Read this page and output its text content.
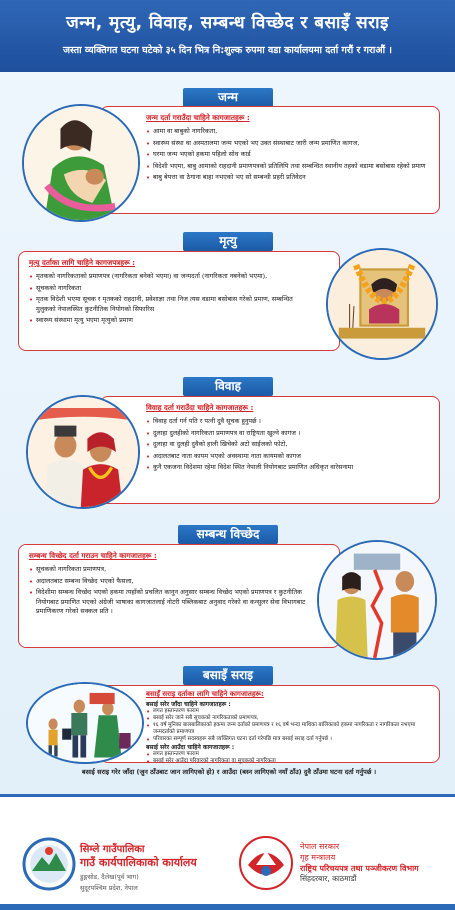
जन्म, मृत्यु, विवाह, सम्बन्ध विच्छेद र बसाइँ सराइ
जस्ता व्यक्तिगत घटना घटेको ३५ दिन भित्र नि:शुल्क रुपमा वडा कार्यालयमा दर्ता गरौं र गराऔं ।
जन्म
जन्म दर्ता गराउँदा चाहिने कागजातहरू :
• आमा वा बाबुको नागरिकता,
• स्वास्थ्य संस्था वा अस्पतालमा जन्म भएको भए उक्त संस्थाबाट जारी जन्म प्रमाणित कागज,
• घरमा जन्म भएको हकमा पहिलो सोध कार्ड
• विदेशी भएमा, बाबु आमाको राहदानी प्रमाणपत्रको प्रतिलिपि तथा सम्बन्धित स्थानीय तहको वडामा बसोबास रहेको प्रमाण
• बाबु बेपत्ता वा ठेगाना बाहा नभएको भए सो सम्बन्धी प्रहरी प्रतिवेदन
मृत्यु
मृत्यु दर्ताका लागि चाहिने कागजपत्रहरू :
• मृतकको नागरिकताको प्रमाणपत्र (नागरिकता बनेको भएमा) वा जन्मदर्ता (नागरिकता नबनेको भएमा),
• सूचकको नागरिकता
• मृतक विदेशी भएमा सूचक र मृतकको राहदानी, प्रवेशाज्ञा तथा निज त्यस वडामा बसोबास गरेको प्रमाण, सम्बन्धित मुलुकको नेपालस्थित कुटनीतिक नियोगको सिफारिस
• स्वास्थ्य संस्थामा मृत्यु भएमा मृत्युको प्रमाण
विवाह
विवाह दर्ता गराउँदा चाहिने कागजातहरू :
• विवाह दर्ता गर्न पति र पत्नी दुवै सूचक हुनुपर्छ ।
• दुलाहा दुलहीको नागरिकता प्रमाणपत्र वा राष्ट्रियता खुल्ने कागज ।
• दुलाहा वा दुलही दुवैको हाली खिचेको अटो साईजको फोटो,
• अदालतबाट नाता कायम भएको अवस्थामा नाता कायमको कागज
• कुनै एकजना विदेशमा रहेमा विदेश स्थित नेपाली नियोगबाट प्रमाणित अधिकृत वारेसनामा
सम्बन्ध विच्छेद
सम्बन्ध विच्छेद दर्ता गराउन चाहिने कागजातहरू :
• सूचकको नागरिकता प्रमाणपत्र,
• अदालतबाट सम्बन्ध विच्छेद भएको फैसला,
• विदेशीमा सम्बन्ध विच्छेद भएको हकमा त्यहाँको प्रचलित कानुन अनुसार सम्बन्ध विच्छेद भएको प्रमाणपत्र र कुटनीतिक नियोगबाट प्रमाणित भएको अंग्रेजी भाषाका कागजातलाई नोटरी पब्लिकबाट अनुवाद गरेको वा कन्सुलर सेवा विभागबाट प्रमाणिकरण गरेको सक्कल प्रति ।
बसाइँ सराइ
बसाइँ सराइ दर्ताका लागि चाहिने कागजातहरू:
बसाई सरेर जाँदा चाहिने कागजातहरू :
• लगत हस्तान्तरण फाराम
• बसाई सरेर जाने सबै सूचकको नागरिकताको प्रमाणपत्र,
• १६ वर्ष मुनिका बालबालिकाको हकमा जन्म दर्ताको प्रमाणपत्र र १६ वर्ष भन्दा माथिका बालिकाको हकमा नागरिकता र नागरिकता नभएमा जन्मदर्ताको प्रमाणपत्र
• परिवारका सम्पूर्ण सदस्यहरू सबै व्यक्तिगत घटना दर्ता गरेपछि मात्र बसाई सराइ दर्ता गर्नुपर्छ ।
बसाई सरेर आउँदा चाहिने कागजातहरू :
• लगत हस्तान्तरण फाराम
• बसाई सरेर आउँदा परिवारको नागरिकता वा सूचकको नागरिकता
बसाई सराइ गरेर जाँदा (जुन ठाँउबाट जान लागिएको हो) र आउँदा (बस्न लागिएको नयाँ ठाँउ) दुवै ठाँउमा घटना दर्ता गर्नुपर्छ ।
सिम्ले गाउँपालिका
गाउँ कार्यपालिकाको कार्यालय
डुङ्गसोड, दैलेख(पूर्व भाग)
सुदूरपश्चिम प्रदेश, नेपाल
नेपाल सरकार
गृह मन्त्रालय
राष्ट्रिय परिचयपत्र तथा पञ्जीकरण विभाग
सिंहदरबार, काठमाडौं
